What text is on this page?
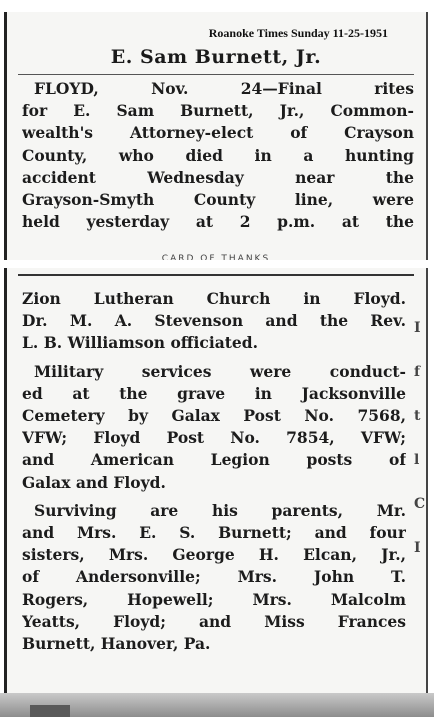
Roanoke Times Sunday 11-25-1951
E. Sam Burnett, Jr.
FLOYD, Nov. 24—Final rites
for E. Sam Burnett, Jr., Common-
wealth's Attorney-elect of Crayson
County, who died in a hunting
accident Wednesday near the
Grayson-Smyth County line, were
held yesterday at 2 p.m. at the
CARD OF THANKS
I
f
t
l
C
I
Zion Lutheran Church in Floyd.
Dr. M. A. Stevenson and the Rev.
L. B. Williamson officiated.
Military services were conduct-
ed at the grave in Jacksonville
Cemetery by Galax Post No. 7568,
VFW; Floyd Post No. 7854, VFW;
and American Legion posts of
Galax and Floyd.
Surviving are his parents, Mr.
and Mrs. E. S. Burnett; and four
sisters, Mrs. George H. Elcan, Jr.,
of Andersonville; Mrs. John T.
Rogers, Hopewell; Mrs. Malcolm
Yeatts, Floyd; and Miss Frances
Burnett, Hanover, Pa.
